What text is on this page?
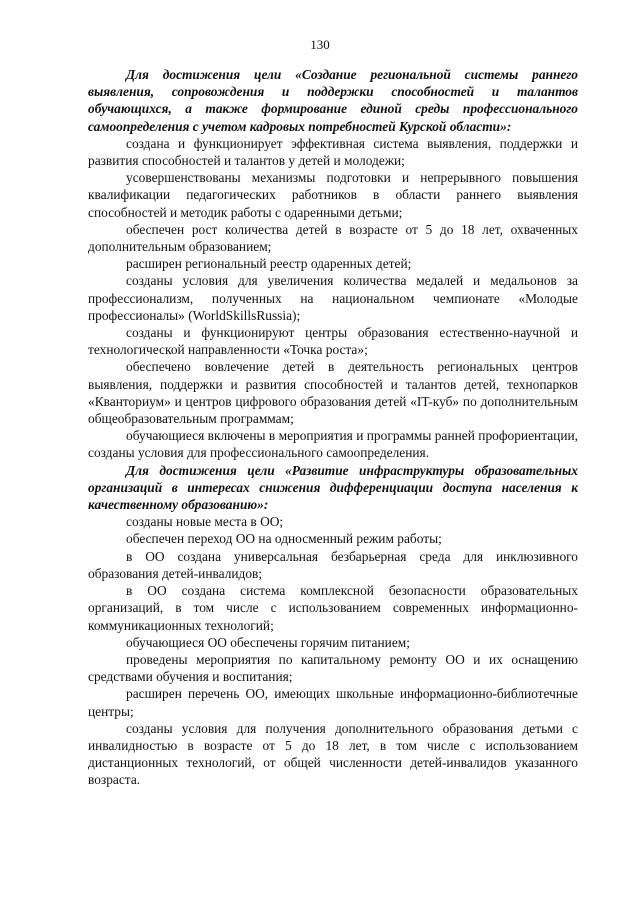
130

Для достижения цели «Создание региональной системы раннего выявления, сопровождения и поддержки способностей и талантов обучающихся, а также формирование единой среды профессионального самоопределения с учетом кадровых потребностей Курской области»:

создана и функционирует эффективная система выявления, поддержки и развития способностей и талантов у детей и молодежи;

усовершенствованы механизмы подготовки и непрерывного повышения квалификации педагогических работников в области раннего выявления способностей и методик работы с одаренными детьми;

обеспечен рост количества детей в возрасте от 5 до 18 лет, охваченных дополнительным образованием;

расширен региональный реестр одаренных детей;

созданы условия для увеличения количества медалей и медальонов за профессионализм, полученных на национальном чемпионате «Молодые профессионалы» (WorldSkillsRussia);

созданы и функционируют центры образования естественно-научной и технологической направленности «Точка роста»;

обеспечено вовлечение детей в деятельность региональных центров выявления, поддержки и развития способностей и талантов детей, технопарков «Кванториум» и центров цифрового образования детей «IT-куб» по дополнительным общеобразовательным программам;

обучающиеся включены в мероприятия и программы ранней профориентации, созданы условия для профессионального самоопределения.

Для достижения цели «Развитие инфраструктуры образовательных организаций в интересах снижения дифференциации доступа населения к качественному образованию»:

созданы новые места в ОО;

обеспечен переход ОО на односменный режим работы;

в ОО создана универсальная безбарьерная среда для инклюзивного образования детей-инвалидов;

в ОО создана система комплексной безопасности образовательных организаций, в том числе с использованием современных информационно-коммуникационных технологий;

обучающиеся ОО обеспечены горячим питанием;

проведены мероприятия по капитальному ремонту ОО и их оснащению средствами обучения и воспитания;

расширен перечень ОО, имеющих школьные информационно-библиотечные центры;

созданы условия для получения дополнительного образования детьми с инвалидностью в возрасте от 5 до 18 лет, в том числе с использованием дистанционных технологий, от общей численности детей-инвалидов указанного возраста.
